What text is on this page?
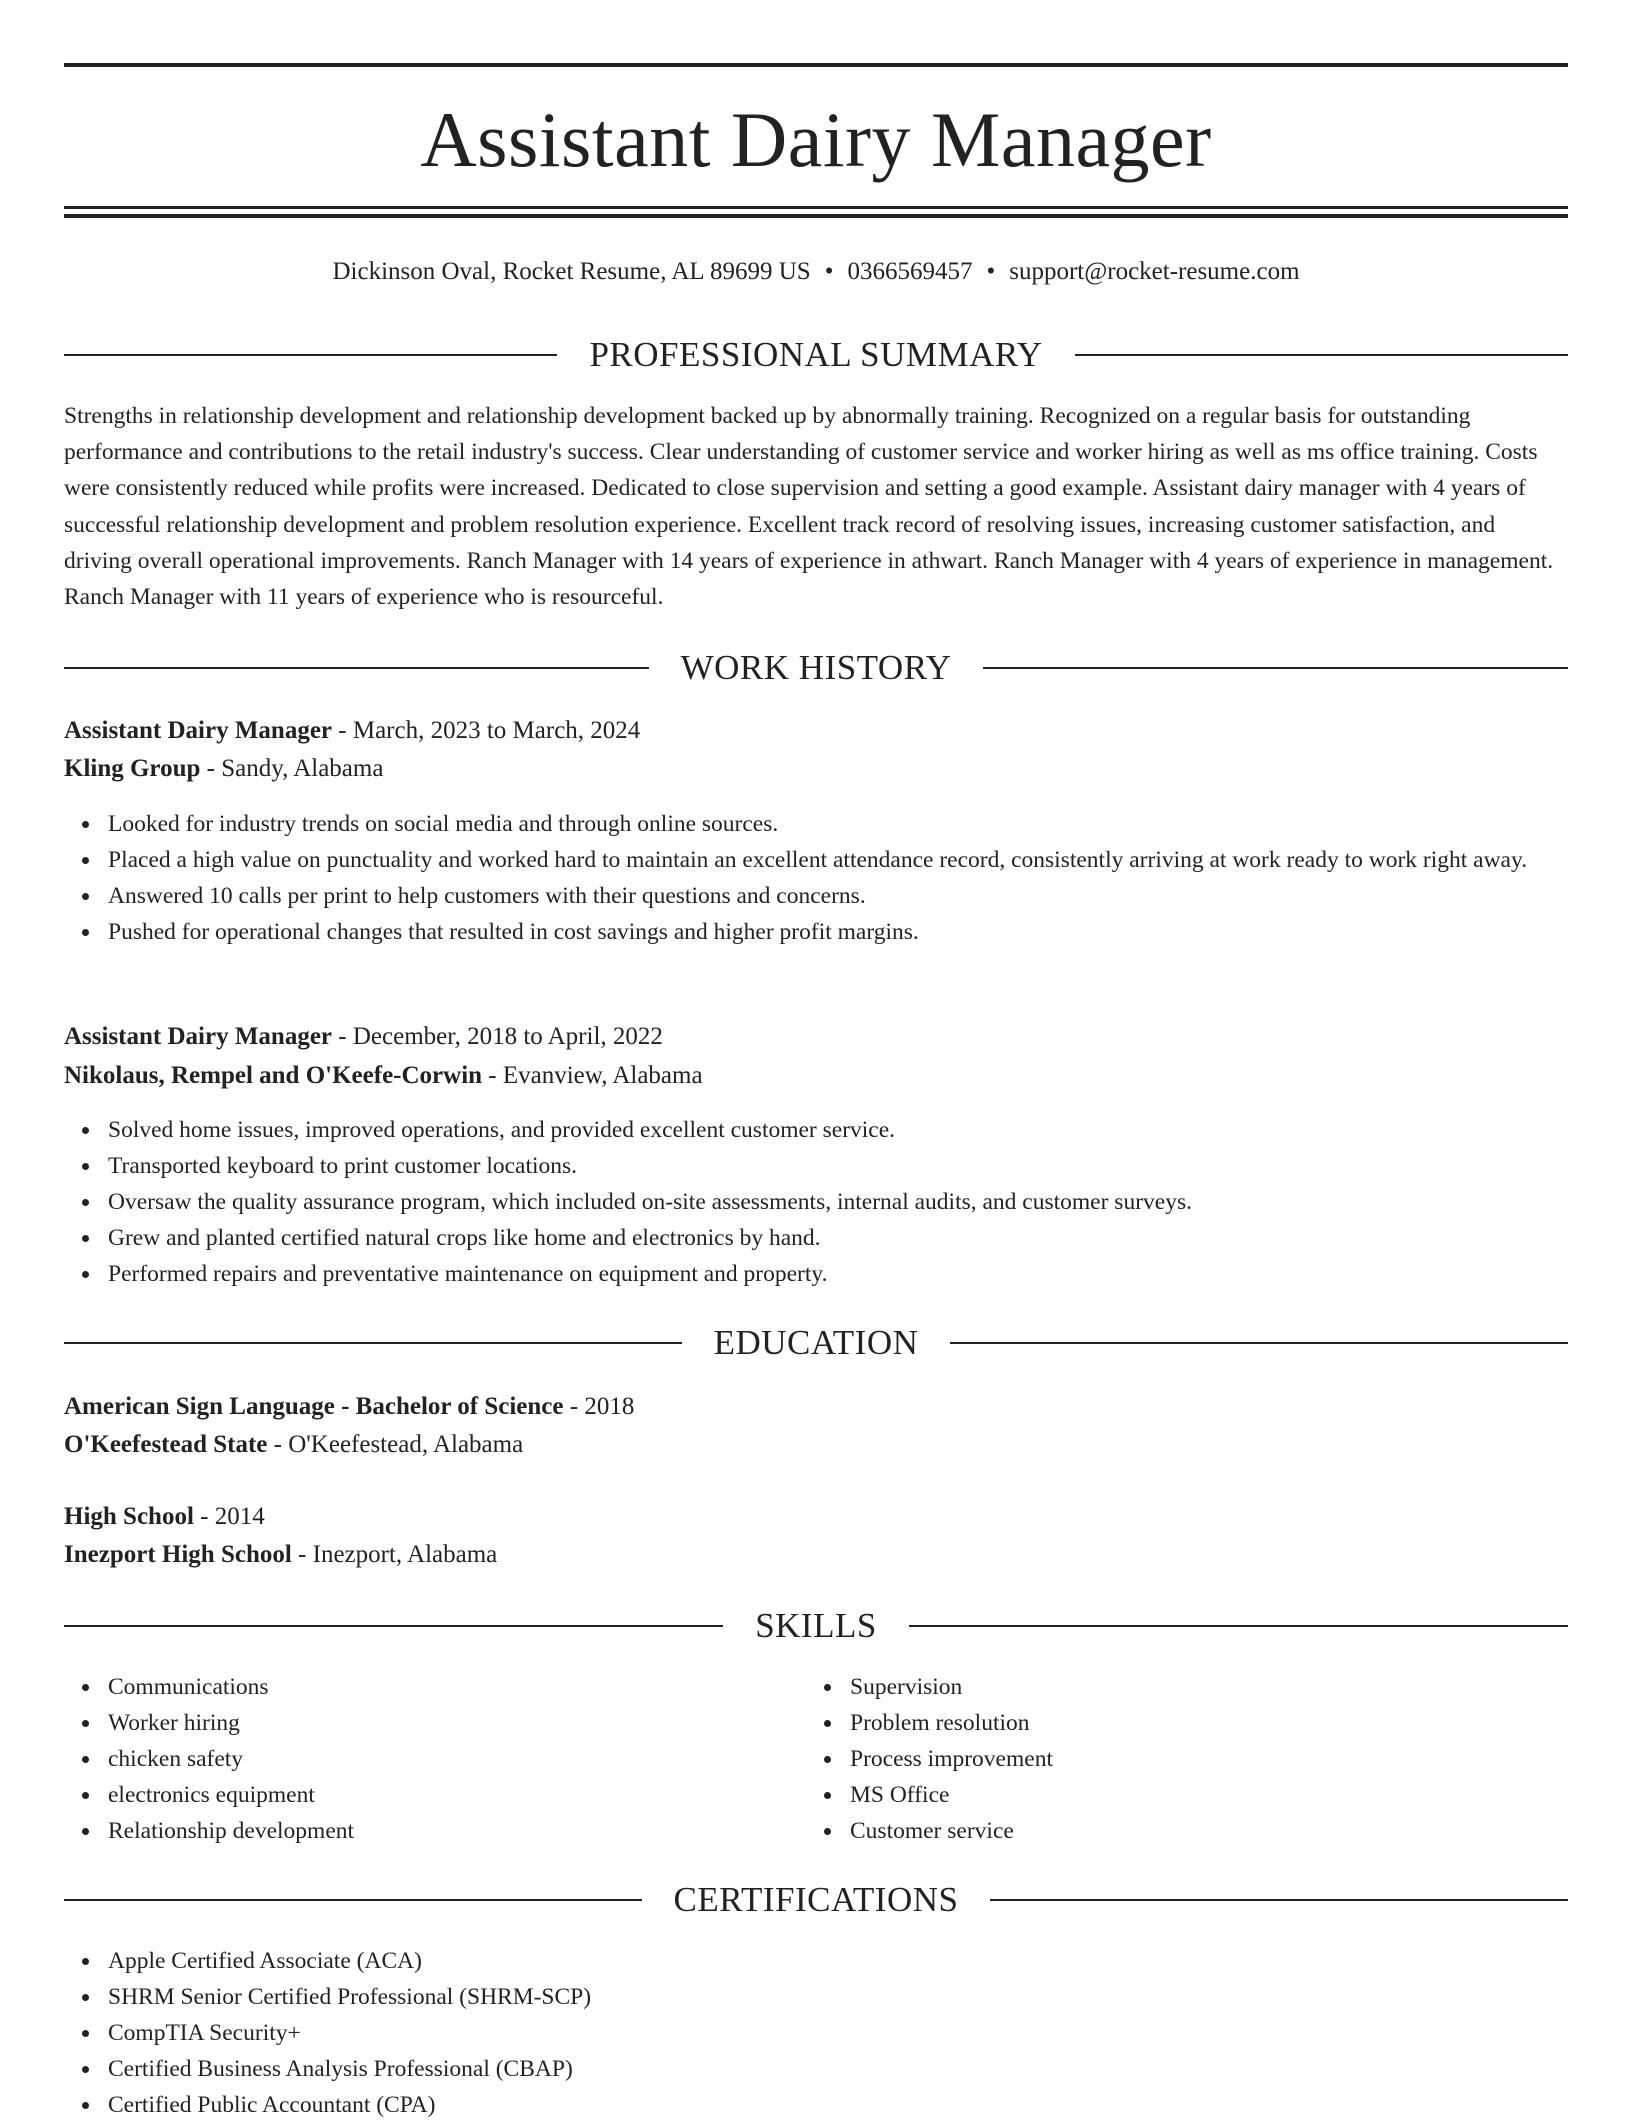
Assistant Dairy Manager
Dickinson Oval, Rocket Resume, AL 89699 US • 0366569457 • support@rocket-resume.com
PROFESSIONAL SUMMARY

Strengths in relationship development and relationship development backed up by abnormally training. Recognized on a regular basis for outstanding performance and contributions to the retail industry's success. Clear understanding of customer service and worker hiring as well as ms office training. Costs were consistently reduced while profits were increased. Dedicated to close supervision and setting a good example. Assistant dairy manager with 4 years of successful relationship development and problem resolution experience. Excellent track record of resolving issues, increasing customer satisfaction, and driving overall operational improvements. Ranch Manager with 14 years of experience in athwart. Ranch Manager with 4 years of experience in management. Ranch Manager with 11 years of experience who is resourceful.

WORK HISTORY
Assistant Dairy Manager - March, 2023 to March, 2024
Kling Group - Sandy, Alabama
Looked for industry trends on social media and through online sources.
Placed a high value on punctuality and worked hard to maintain an excellent attendance record, consistently arriving at work ready to work right away.
Answered 10 calls per print to help customers with their questions and concerns.
Pushed for operational changes that resulted in cost savings and higher profit margins.
Assistant Dairy Manager - December, 2018 to April, 2022
Nikolaus, Rempel and O'Keefe-Corwin - Evanview, Alabama
Solved home issues, improved operations, and provided excellent customer service.
Transported keyboard to print customer locations.
Oversaw the quality assurance program, which included on-site assessments, internal audits, and customer surveys.
Grew and planted certified natural crops like home and electronics by hand.
Performed repairs and preventative maintenance on equipment and property.
EDUCATION
American Sign Language - Bachelor of Science - 2018
O'Keefestead State - O'Keefestead, Alabama
High School - 2014
Inezport High School - Inezport, Alabama
SKILLS
Communications
Worker hiring
chicken safety
electronics equipment
Relationship development
Supervision
Problem resolution
Process improvement
MS Office
Customer service
CERTIFICATIONS
Apple Certified Associate (ACA)
SHRM Senior Certified Professional (SHRM-SCP)
CompTIA Security+
Certified Business Analysis Professional (CBAP)
Certified Public Accountant (CPA)
